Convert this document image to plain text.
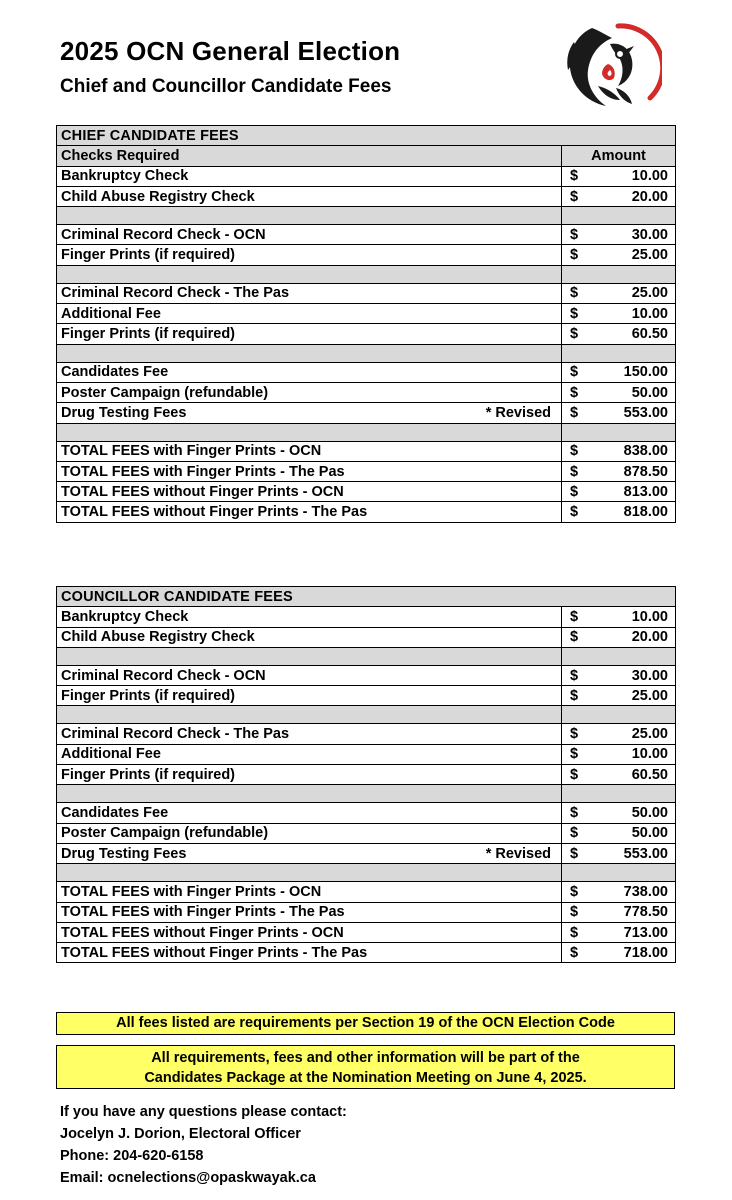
2025 OCN General Election
Chief and Councillor Candidate Fees
CHIEF CANDIDATE FEES	
Checks Required	Amount
Bankruptcy Check	$ 10.00

Child Abuse Registry Check	$ 20.00

Criminal Record Check - OCN	$ 30.00

Finger Prints (if required)	$ 25.00

Criminal Record Check - The Pas	$ 25.00

Additional Fee	$ 10.00

Finger Prints (if required)	$ 60.50

Candidates Fee	$ 150.00

Poster Campaign (refundable)	$ 50.00

Drug Testing Fees * Revised	$ 553.00

TOTAL FEES with Finger Prints - OCN	$ 838.00

TOTAL FEES with Finger Prints - The Pas	$ 878.50

TOTAL FEES without Finger Prints - OCN	$ 813.00

TOTAL FEES without Finger Prints - The Pas	$ 818.00
COUNCILLOR CANDIDATE FEES	
Bankruptcy Check	$ 10.00

Child Abuse Registry Check	$ 20.00

Criminal Record Check - OCN	$ 30.00

Finger Prints (if required)	$ 25.00

Criminal Record Check - The Pas	$ 25.00

Additional Fee	$ 10.00

Finger Prints (if required)	$ 60.50

Candidates Fee	$ 50.00

Poster Campaign (refundable)	$ 50.00

Drug Testing Fees * Revised	$ 553.00

TOTAL FEES with Finger Prints - OCN	$ 738.00

TOTAL FEES with Finger Prints - The Pas	$ 778.50

TOTAL FEES without Finger Prints - OCN	$ 713.00

TOTAL FEES without Finger Prints - The Pas	$ 718.00
All fees listed are requirements per Section 19 of the OCN Election Code
All requirements, fees and other information will be part of the
Candidates Package at the Nomination Meeting on June 4, 2025.
If you have any questions please contact:
Jocelyn J. Dorion, Electoral Officer
Phone: 204-620-6158
Email: ocnelections@opaskwayak.ca
